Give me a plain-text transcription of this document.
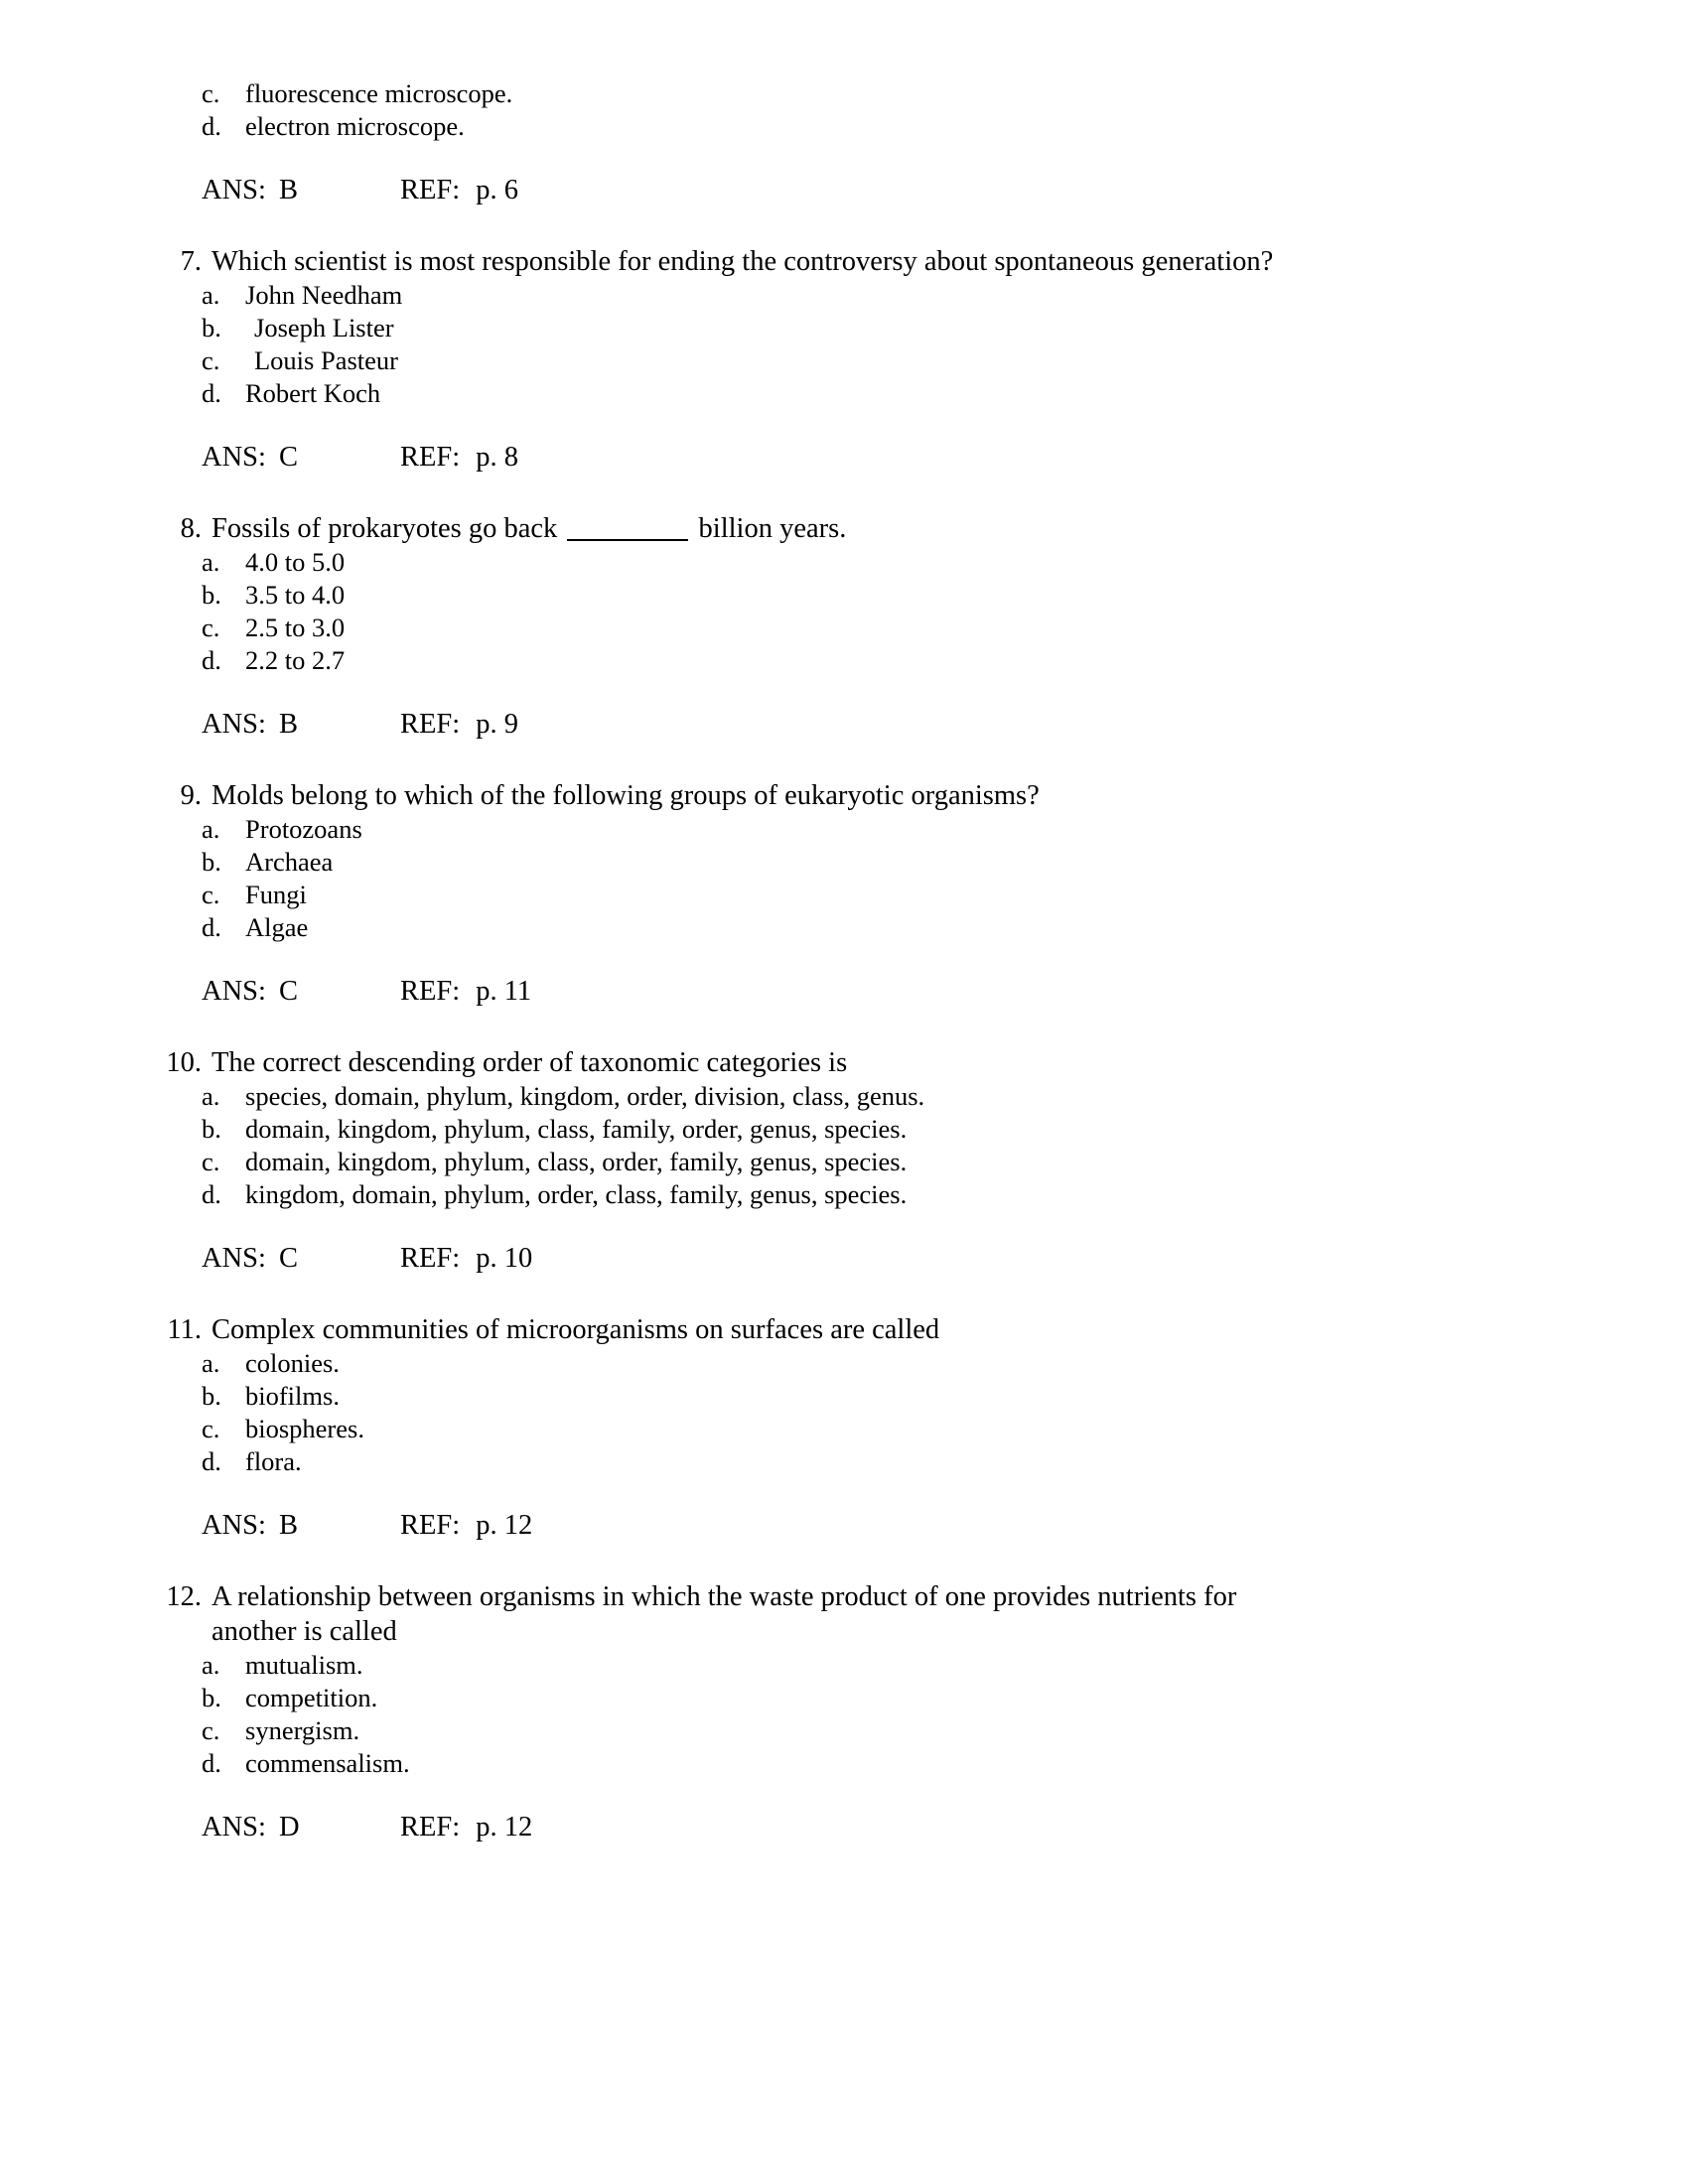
c. fluorescence microscope.
d. electron microscope.
ANS: B	REF: p. 6
7. Which scientist is most responsible for ending the controversy about spontaneous generation?
a. John Needham
b.	Joseph Lister
c.	Louis Pasteur
d. Robert Koch
ANS: C	REF: p. 8
8. Fossils of prokaryotes go back	billion years.
a. 4.0 to 5.0
b. 3.5 to 4.0
c. 2.5 to 3.0
d. 2.2 to 2.7
ANS: B	REF: p. 9
9. Molds belong to which of the following groups of eukaryotic organisms?
a. Protozoans
b. Archaea
c. Fungi
d. Algae
ANS: C	REF: p. 11
10. The correct descending order of taxonomic categories is
a. species, domain, phylum, kingdom, order, division, class, genus.
b. domain, kingdom, phylum, class, family, order, genus, species.
c. domain, kingdom, phylum, class, order, family, genus, species.
d. kingdom, domain, phylum, order, class, family, genus, species.
ANS: C	REF: p. 10
11. Complex communities of microorganisms on surfaces are called
a. colonies.
b. biofilms.
c. biospheres.
d. flora.
ANS: B	REF: p. 12
12. A relationship between organisms in which the waste product of one provides nutrients for
another is called
a. mutualism.
b. competition.
c. synergism.
d. commensalism.
ANS: D	REF: p. 12
